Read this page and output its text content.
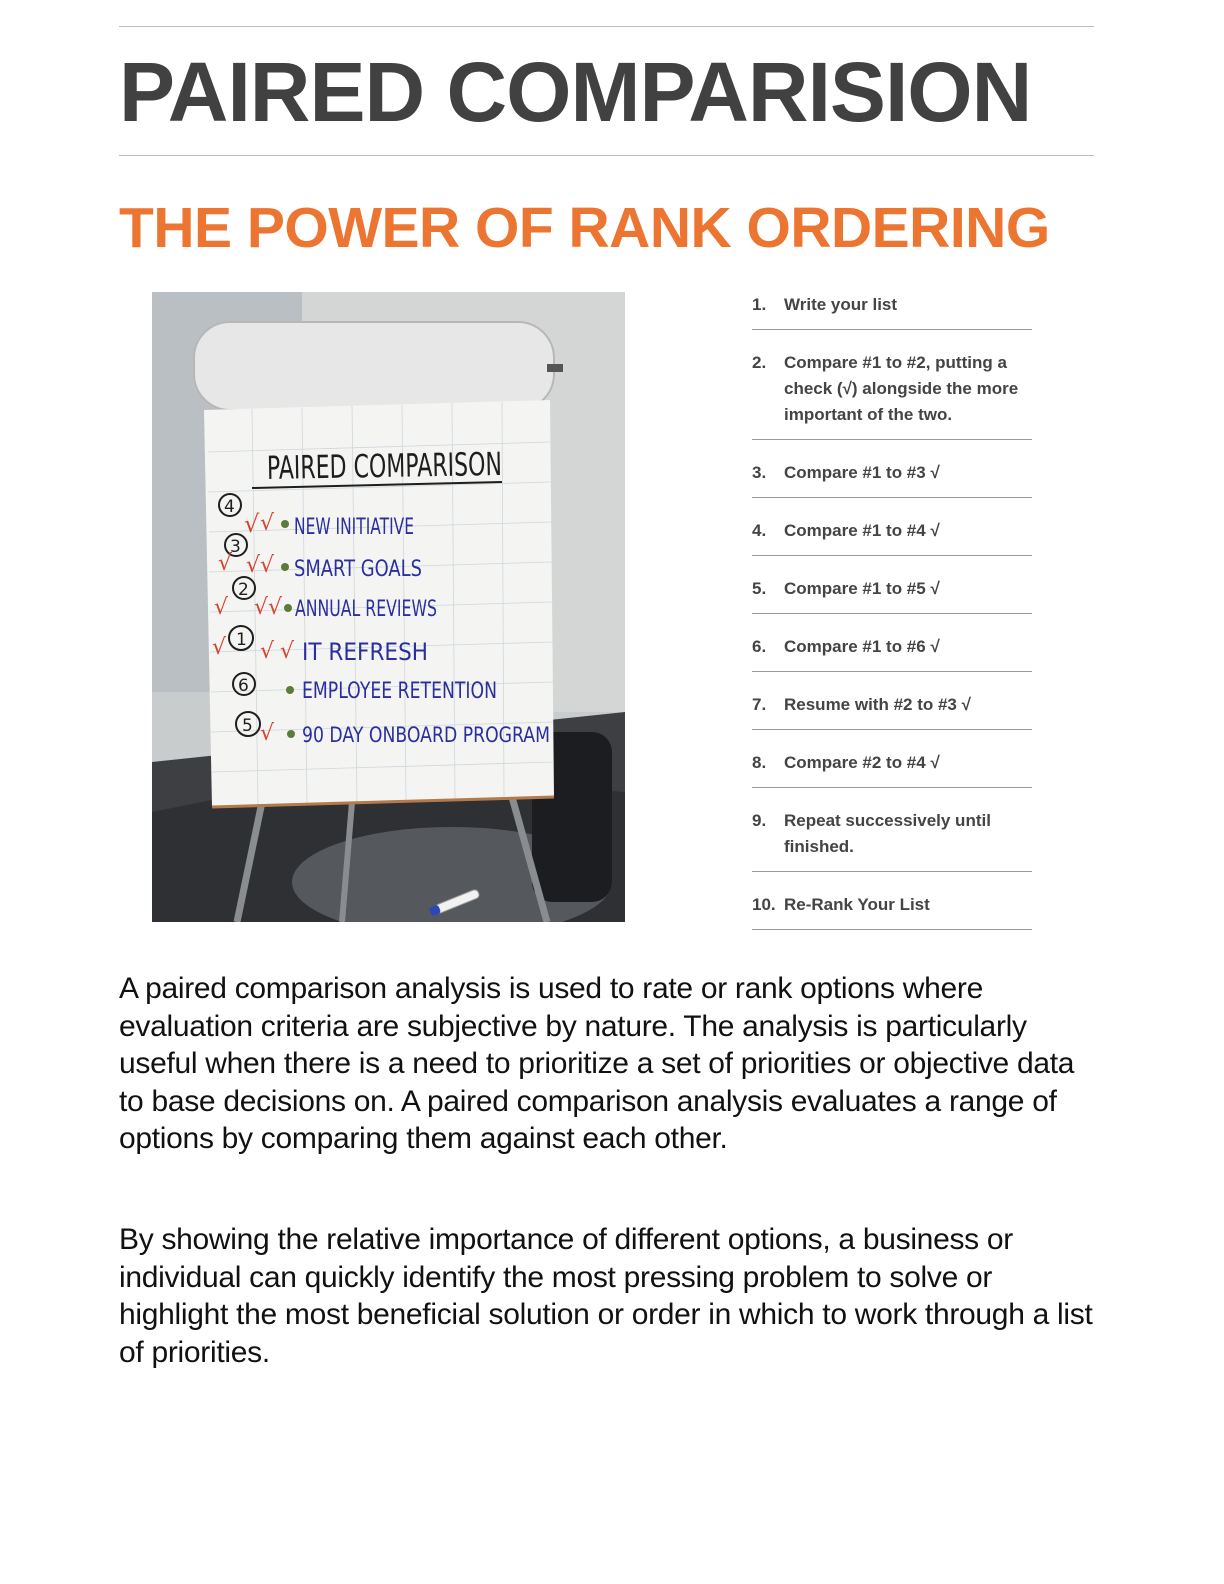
PAIRED COMPARISION
THE POWER OF RANK ORDERING
PAIRED COMPARISON
4
√ √ NEW INITIATIVE
3
√ √ √ SMART GOALS
2
√ √ √ ANNUAL REVIEWS
1
√ √ √ IT REFRESH
6 EMPLOYEE RETENTION
5 √ 90 DAY ONBOARD PROGRAM
1.	Write your list
2.	Compare #1 to #2, putting a check (√) alongside the more important of the two.
3.	Compare #1 to #3 √
4.	Compare #1 to #4 √
5.	Compare #1 to #5 √
6.	Compare #1 to #6 √
7.	Resume with #2 to #3 √
8.	Compare #2 to #4 √
9.	Repeat successively until finished.
10. Re-Rank Your List

A paired comparison analysis is used to rate or rank options where evaluation criteria are subjective by nature. The analysis is particularly useful when there is a need to prioritize a set of priorities or objective data to base decisions on. A paired comparison analysis evaluates a range of options by comparing them against each other.

By showing the relative importance of different options, a business or individual can quickly identify the most pressing problem to solve or highlight the most beneficial solution or order in which to work through a list of priorities.
